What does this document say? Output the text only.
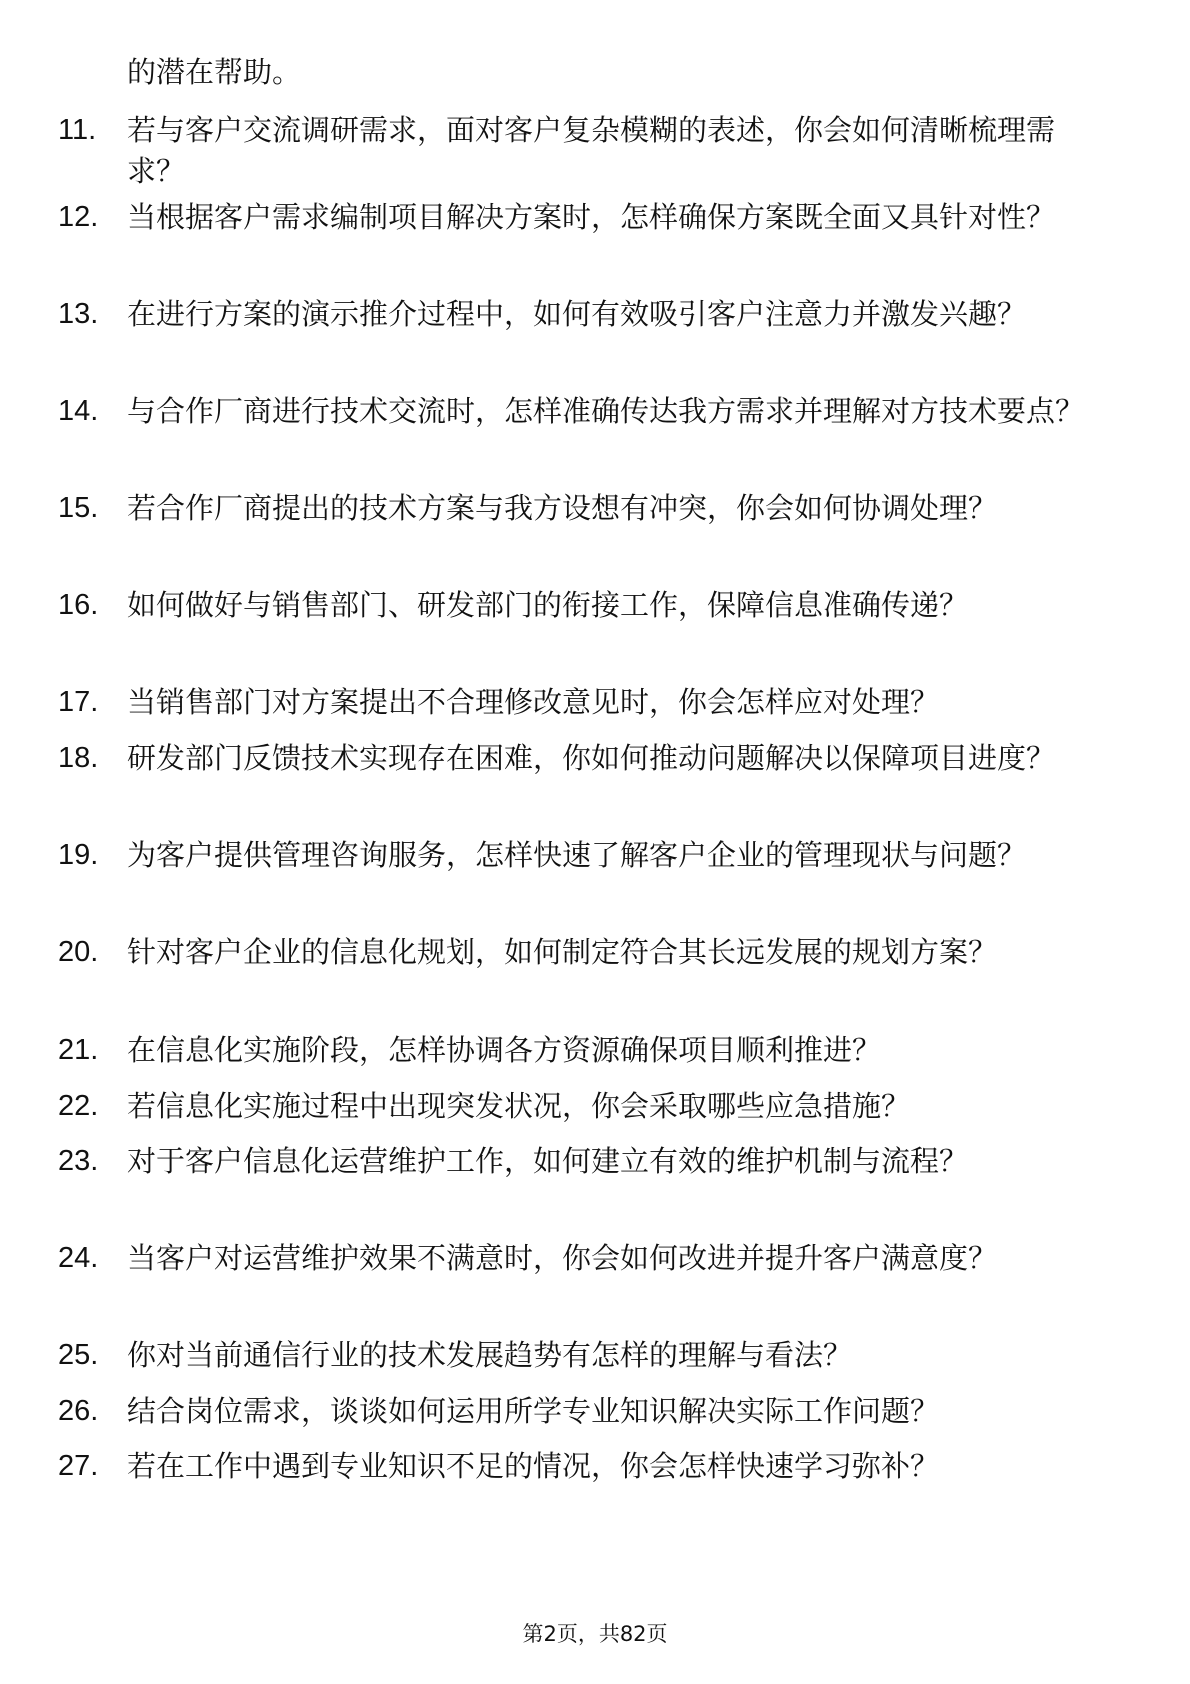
的潜在帮助。
11.	若与客户交流调研需求，面对客户复杂模糊的表述，你会如何清晰梳理需求？
12. 当根据客户需求编制项目解决方案时，怎样确保方案既全面又具针对性？
13. 在进行方案的演示推介过程中，如何有效吸引客户注意力并激发兴趣？
14. 与合作厂商进行技术交流时，怎样准确传达我方需求并理解对方技术要点？
15. 若合作厂商提出的技术方案与我方设想有冲突，你会如何协调处理？
16. 如何做好与销售部门、研发部门的衔接工作，保障信息准确传递？
17. 当销售部门对方案提出不合理修改意见时，你会怎样应对处理？
18. 研发部门反馈技术实现存在困难，你如何推动问题解决以保障项目进度？
19. 为客户提供管理咨询服务，怎样快速了解客户企业的管理现状与问题？
20. 针对客户企业的信息化规划，如何制定符合其长远发展的规划方案？
21. 在信息化实施阶段，怎样协调各方资源确保项目顺利推进？
22. 若信息化实施过程中出现突发状况，你会采取哪些应急措施？
23. 对于客户信息化运营维护工作，如何建立有效的维护机制与流程？
24. 当客户对运营维护效果不满意时，你会如何改进并提升客户满意度？
25. 你对当前通信行业的技术发展趋势有怎样的理解与看法？
26. 结合岗位需求，谈谈如何运用所学专业知识解决实际工作问题？
27. 若在工作中遇到专业知识不足的情况，你会怎样快速学习弥补？
第2页，共82页
